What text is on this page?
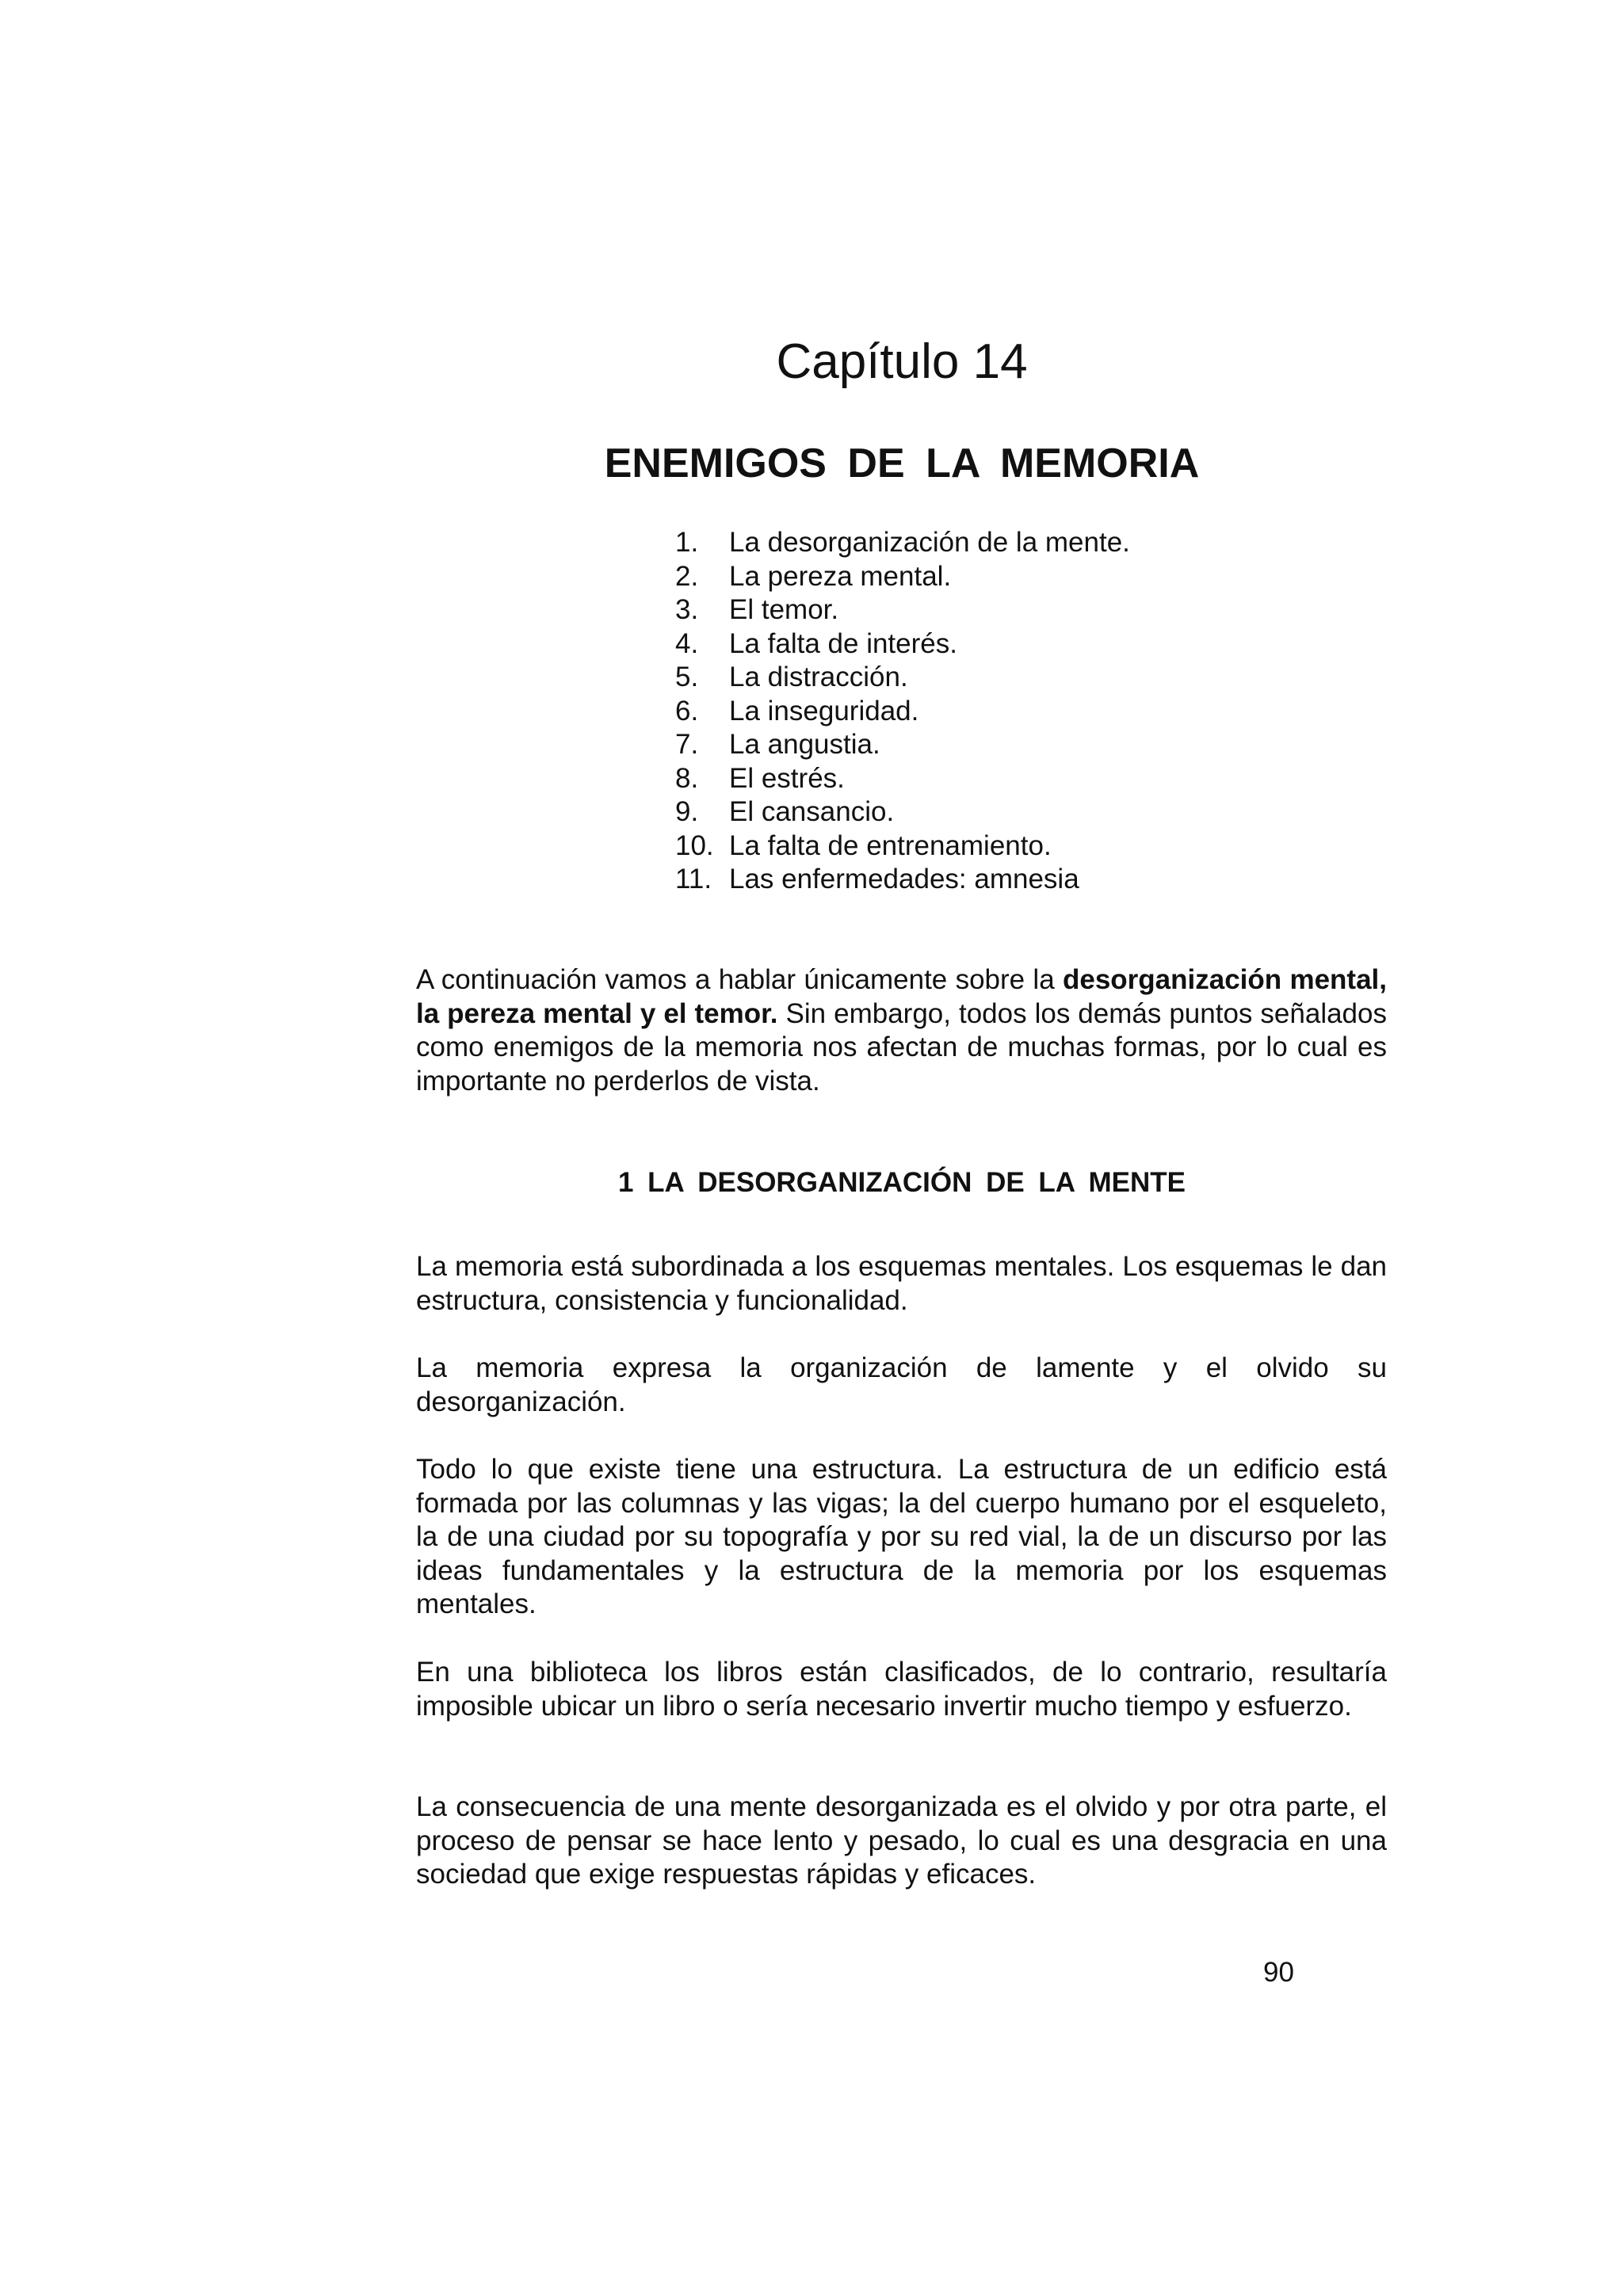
Capítulo 14
ENEMIGOS DE LA MEMORIA
1.	La desorganización de la mente.
2.	La pereza mental.
3.	El temor.
4.	La falta de interés.
5.	La distracción.
6.	La inseguridad.
7.	La angustia.
8.	El estrés.
9.	El cansancio.
10. La falta de entrenamiento.
11. Las enfermedades: amnesia

A continuación vamos a hablar únicamente sobre la desorganización mental, la pereza mental y el temor. Sin embargo, todos los demás puntos señalados como enemigos de la memoria nos afectan de muchas formas, por lo cual es importante no perderlos de vista.

1 LA DESORGANIZACIÓN DE LA MENTE

La memoria está subordinada a los esquemas mentales. Los esquemas le dan estructura, consistencia y funcionalidad.

La memoria expresa la organización de lamente y el olvido su desorganización.

Todo lo que existe tiene una estructura. La estructura de un edificio está formada por las columnas y las vigas; la del cuerpo humano por el esqueleto, la de una ciudad por su topografía y por su red vial, la de un discurso por las ideas fundamentales y la estructura de la memoria por los esquemas mentales.

En una biblioteca los libros están clasificados, de lo contrario, resultaría imposible ubicar un libro o sería necesario invertir mucho tiempo y esfuerzo.

La consecuencia de una mente desorganizada es el olvido y por otra parte, el proceso de pensar se hace lento y pesado, lo cual es una desgracia en una sociedad que exige respuestas rápidas y eficaces.

90
